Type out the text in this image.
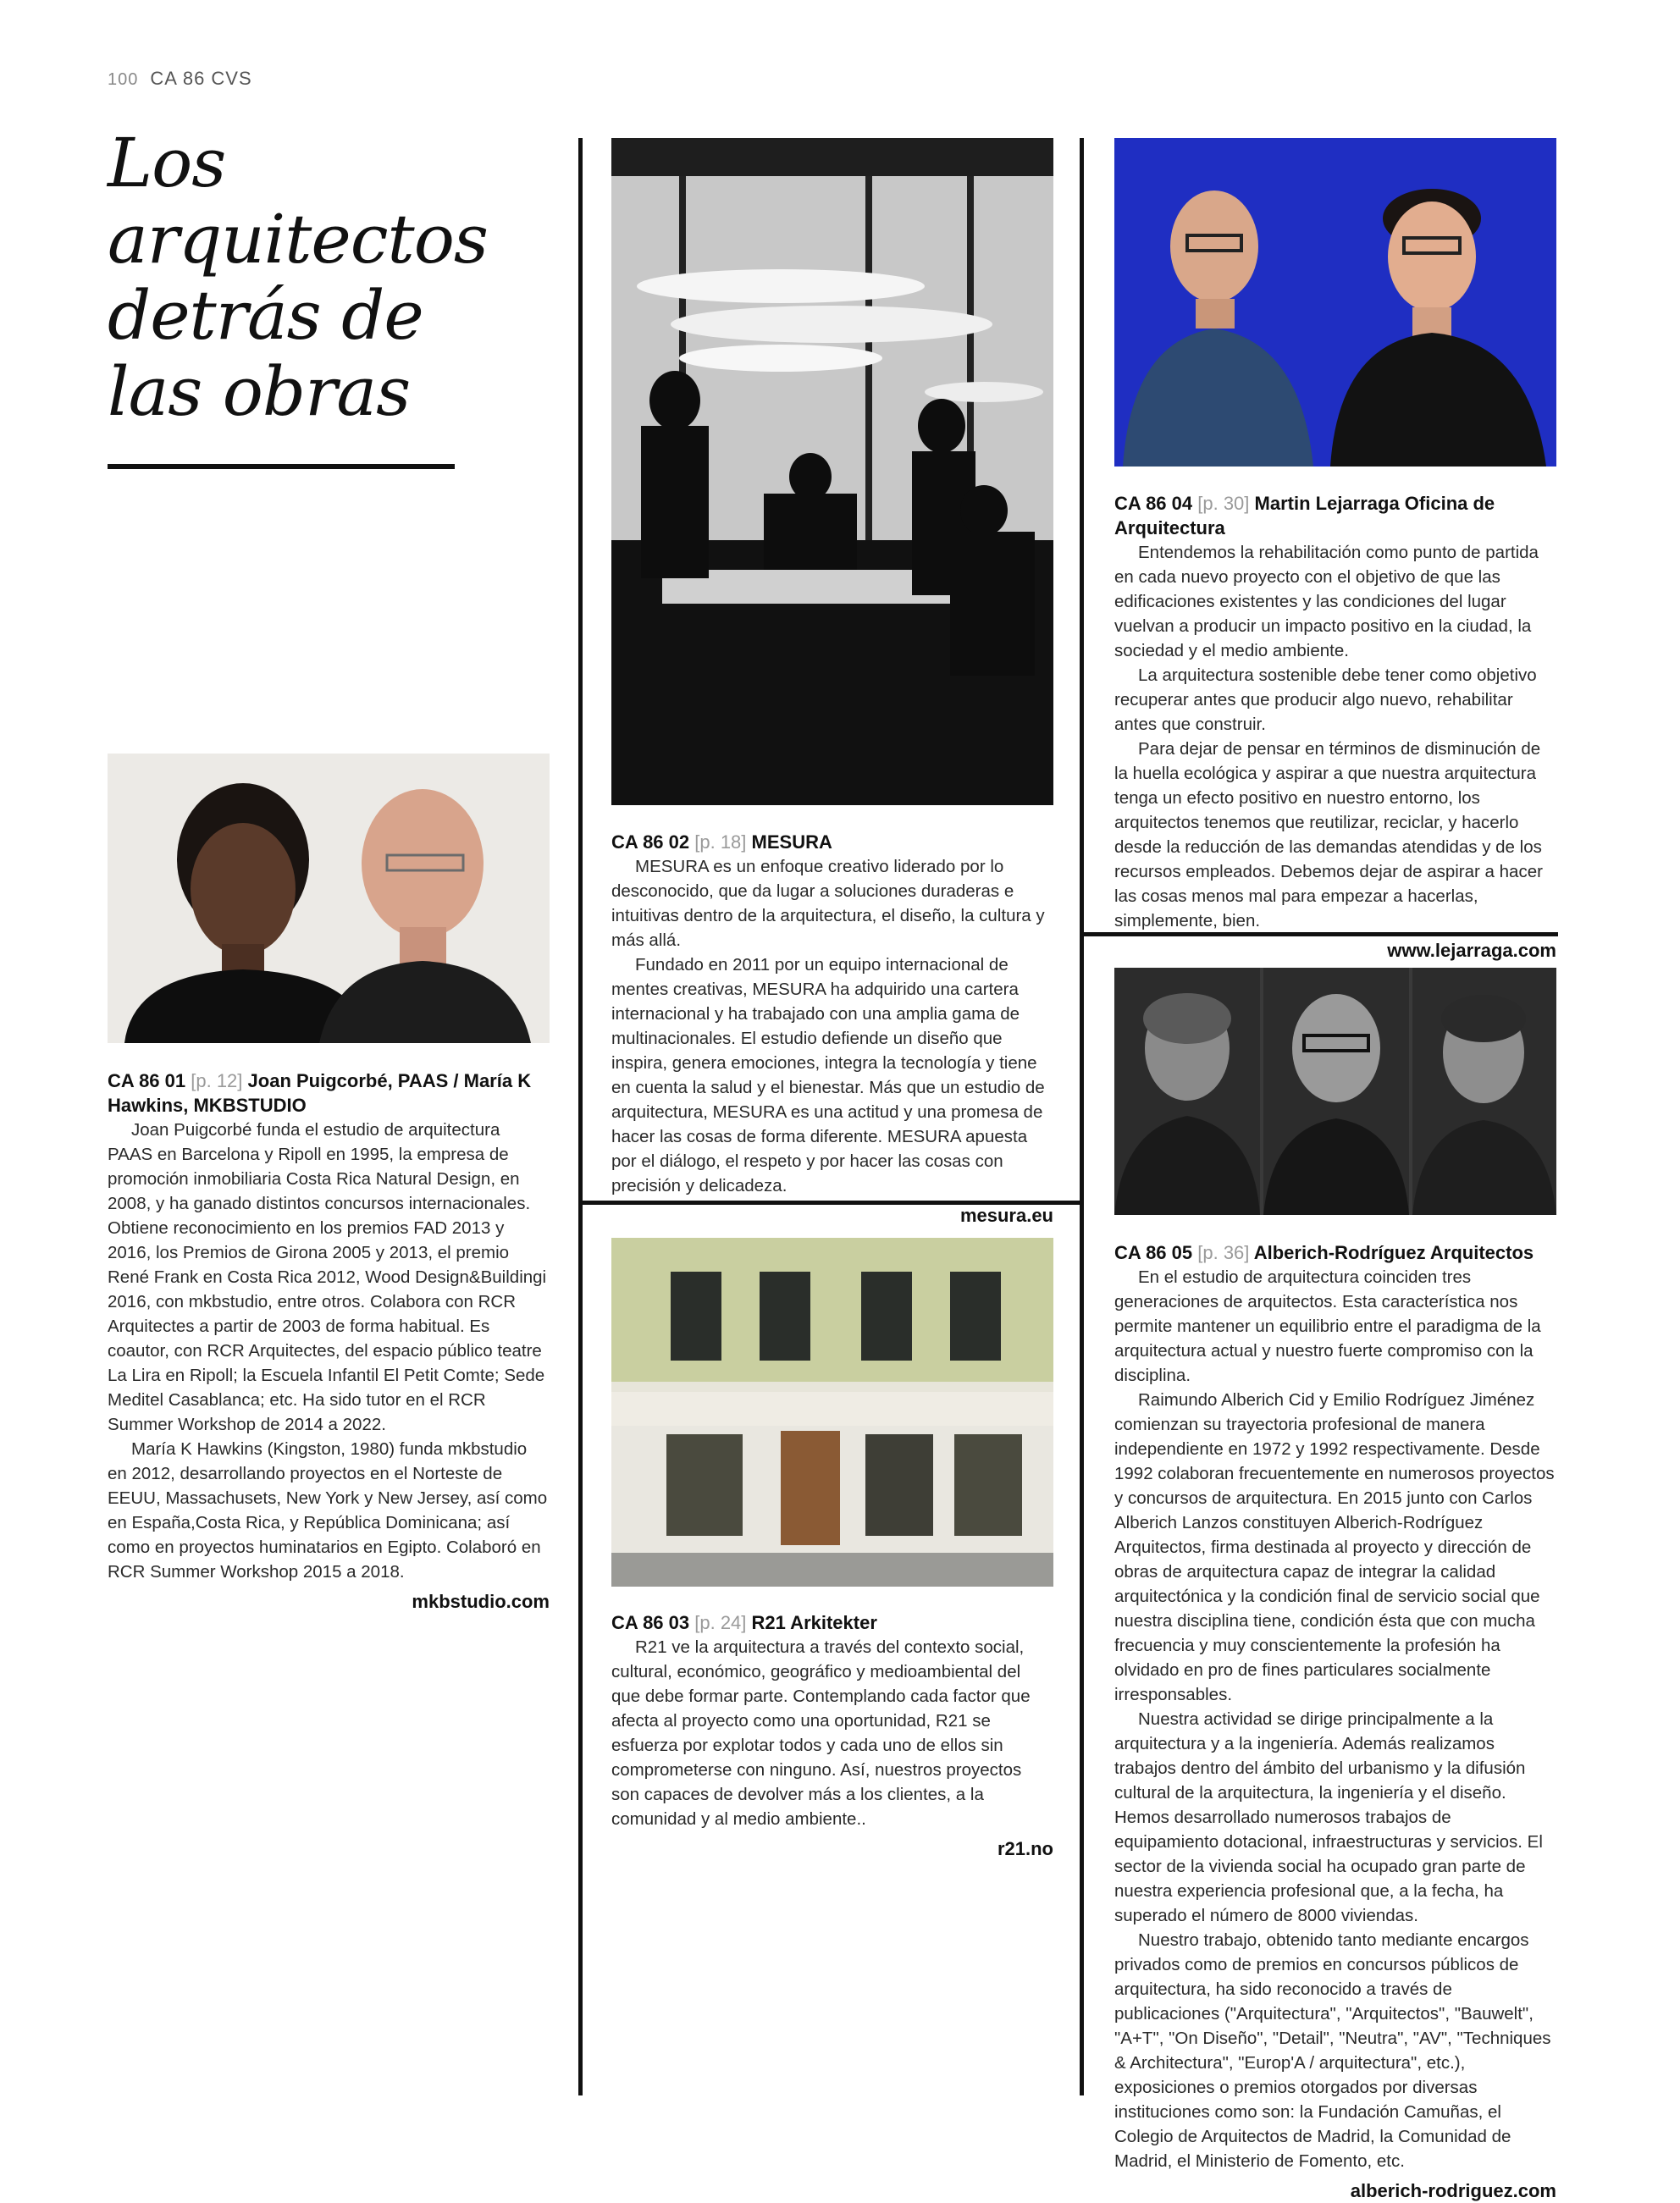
100 CA 86 CVS
Los
arquitectos
detrás de
las obras
CA 86 01 [p. 12] Joan Puigcorbé, PAAS / María K Hawkins, MKBSTUDIO

Joan Puigcorbé funda el estudio de arquitectura PAAS en Barcelona y Ripoll en 1995, la empresa de promoción inmobiliaria Costa Rica Natural Design, en 2008, y ha ganado distintos concursos internacionales. Obtiene reconocimiento en los premios FAD 2013 y 2016, los Premios de Girona 2005 y 2013, el premio René Frank en Costa Rica 2012, Wood Design&Buildingi 2016, con mkbstudio, entre otros. Colabora con RCR Arquitectes a partir de 2003 de forma habitual. Es coautor, con RCR Arquitectes, del espacio público teatre La Lira en Ripoll; la Escuela Infantil El Petit Comte; Sede Meditel Casablanca; etc. Ha sido tutor en el RCR Summer Workshop de 2014 a 2022.

María K Hawkins (Kingston, 1980) funda mkbstudio en 2012, desarrollando proyectos en el Norteste de EEUU, Massachusets, New York y New Jersey, así como en España,Costa Rica, y República Dominicana; así como en proyectos huminatarios en Egipto. Colaboró en RCR Summer Workshop 2015 a 2018.

mkbstudio.com
CA 86 02 [p. 18] MESURA

MESURA es un enfoque creativo liderado por lo desconocido, que da lugar a soluciones duraderas e intuitivas dentro de la arquitectura, el diseño, la cultura y más allá.

Fundado en 2011 por un equipo internacional de mentes creativas, MESURA ha adquirido una cartera internacional y ha trabajado con una amplia gama de multinacionales. El estudio defiende un diseño que inspira, genera emociones, integra la tecnología y tiene en cuenta la salud y el bienestar. Más que un estudio de arquitectura, MESURA es una actitud y una promesa de hacer las cosas de forma diferente. MESURA apuesta por el diálogo, el respeto y por hacer las cosas con precisión y delicadeza.

mesura.eu
CA 86 03 [p. 24] R21 Arkitekter

R21 ve la arquitectura a través del contexto social, cultural, económico, geográfico y medioambiental del que debe formar parte. Contemplando cada factor que afecta al proyecto como una oportunidad, R21 se esfuerza por explotar todos y cada uno de ellos sin comprometerse con ninguno. Así, nuestros proyectos son capaces de devolver más a los clientes, a la comunidad y al medio ambiente..

r21.no
CA 86 04 [p. 30] Martin Lejarraga Oficina de Arquitectura

Entendemos la rehabilitación como punto de partida en cada nuevo proyecto con el objetivo de que las edificaciones existentes y las condiciones del lugar vuelvan a producir un impacto positivo en la ciudad, la sociedad y el medio ambiente.

La arquitectura sostenible debe tener como objetivo recuperar antes que producir algo nuevo, rehabilitar antes que construir.

Para dejar de pensar en términos de disminución de la huella ecológica y aspirar a que nuestra arquitectura tenga un efecto positivo en nuestro entorno, los arquitectos tenemos que reutilizar, reciclar, y hacerlo desde la reducción de las demandas atendidas y de los recursos empleados. Debemos dejar de aspirar a hacer las cosas menos mal para empezar a hacerlas, simplemente, bien.

www.lejarraga.com
CA 86 05 [p. 36] Alberich-Rodríguez Arquitectos

En el estudio de arquitectura coinciden tres generaciones de arquitectos. Esta característica nos permite mantener un equilibrio entre el paradigma de la arquitectura actual y nuestro fuerte compromiso con la disciplina.

Raimundo Alberich Cid y Emilio Rodríguez Jiménez comienzan su trayectoria profesional de manera independiente en 1972 y 1992 respectivamente. Desde 1992 colaboran frecuentemente en numerosos proyectos y concursos de arquitectura. En 2015 junto con Carlos Alberich Lanzos constituyen Alberich-Rodríguez Arquitectos, firma destinada al proyecto y dirección de obras de arquitectura capaz de integrar la calidad arquitectónica y la condición final de servicio social que nuestra disciplina tiene, condición ésta que con mucha frecuencia y muy conscientemente la profesión ha olvidado en pro de fines particulares socialmente irresponsables.

Nuestra actividad se dirige principalmente a la arquitectura y a la ingeniería. Además realizamos trabajos dentro del ámbito del urbanismo y la difusión cultural de la arquitectura, la ingeniería y el diseño. Hemos desarrollado numerosos trabajos de equipamiento dotacional, infraestructuras y servicios. El sector de la vivienda social ha ocupado gran parte de nuestra experiencia profesional que, a la fecha, ha superado el número de 8000 viviendas.

Nuestro trabajo, obtenido tanto mediante encargos privados como de premios en concursos públicos de arquitectura, ha sido reconocido a través de publicaciones ("Arquitectura", "Arquitectos", "Bauwelt", "A+T", "On Diseño", "Detail", "Neutra", "AV", "Techniques & Architectura", "Europ'A / arquitectura", etc.), exposiciones o premios otorgados por diversas instituciones como son: la Fundación Camuñas, el Colegio de Arquitectos de Madrid, la Comunidad de Madrid, el Ministerio de Fomento, etc.

alberich-rodriguez.com
